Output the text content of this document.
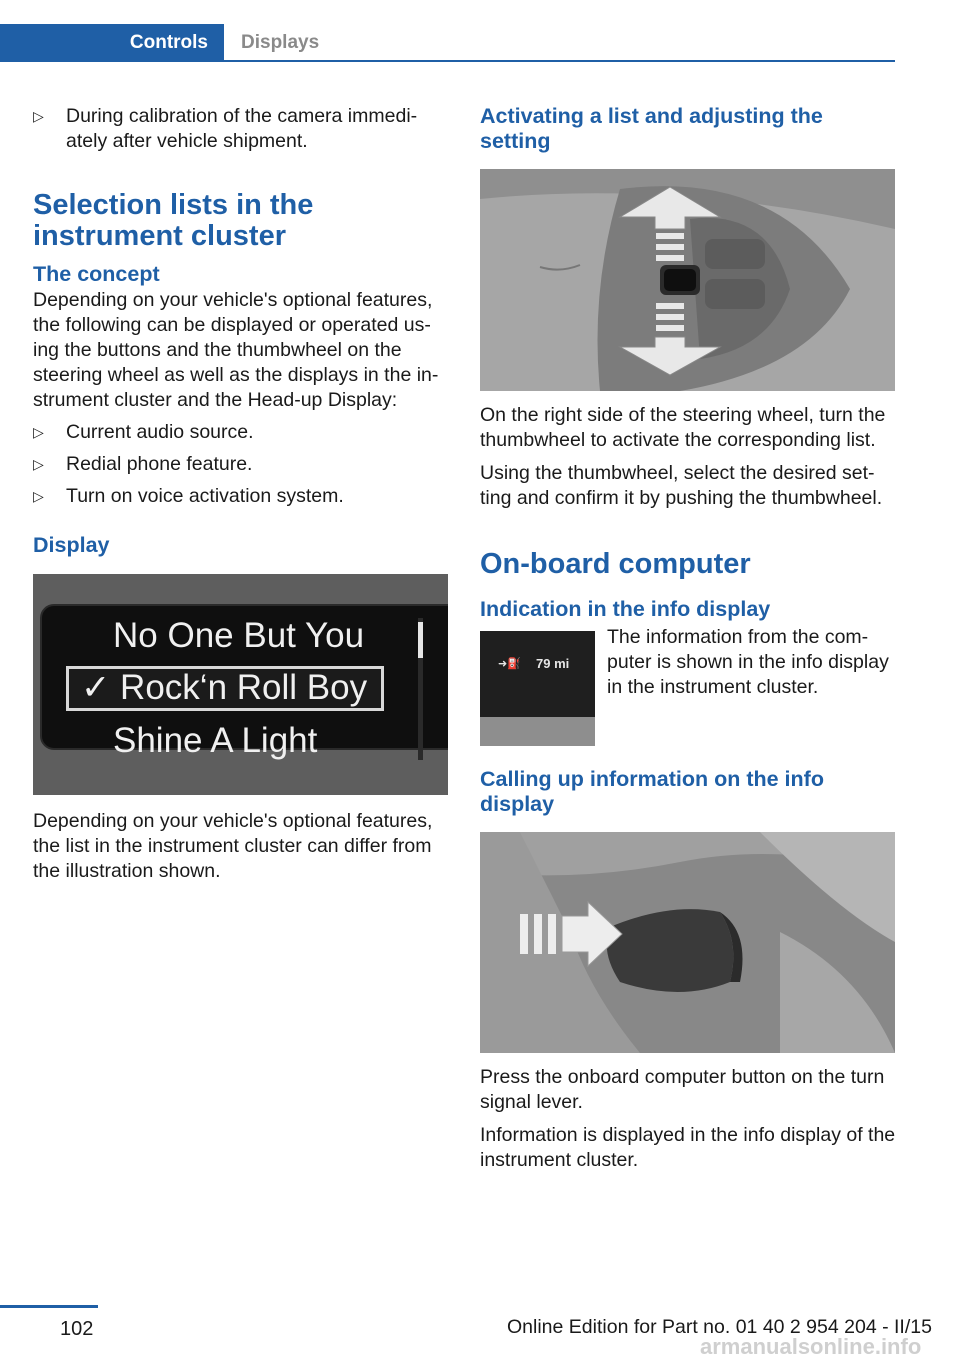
Controls	Displays
▷ During calibration of the camera immedi-ately after vehicle shipment.
Selection lists in the instrument cluster
The concept
Depending on your vehicle's optional features, the following can be displayed or operated us-ing the buttons and the thumbwheel on the steering wheel as well as the displays in the in-strument cluster and the Head-up Display:
▷ Current audio source.
▷ Redial phone feature.
▷ Turn on voice activation system.
Display
No One But You
✓ Rock‘n Roll Boy
Shine A Light
Depending on your vehicle's optional features, the list in the instrument cluster can differ from the illustration shown.
Activating a list and adjusting the setting
On the right side of the steering wheel, turn the thumbwheel to activate the corresponding list.
Using the thumbwheel, select the desired set-ting and confirm it by pushing the thumbwheel.
On-board computer
Indication in the info display
➜⛽ 79 mi
The information from the com-puter is shown in the info display in the instrument cluster.
Calling up information on the info display
Press the onboard computer button on the turn signal lever.
Information is displayed in the info display of the instrument cluster.
102	Online Edition for Part no. 01 40 2 954 204 - II/15
armanualsonline.info
